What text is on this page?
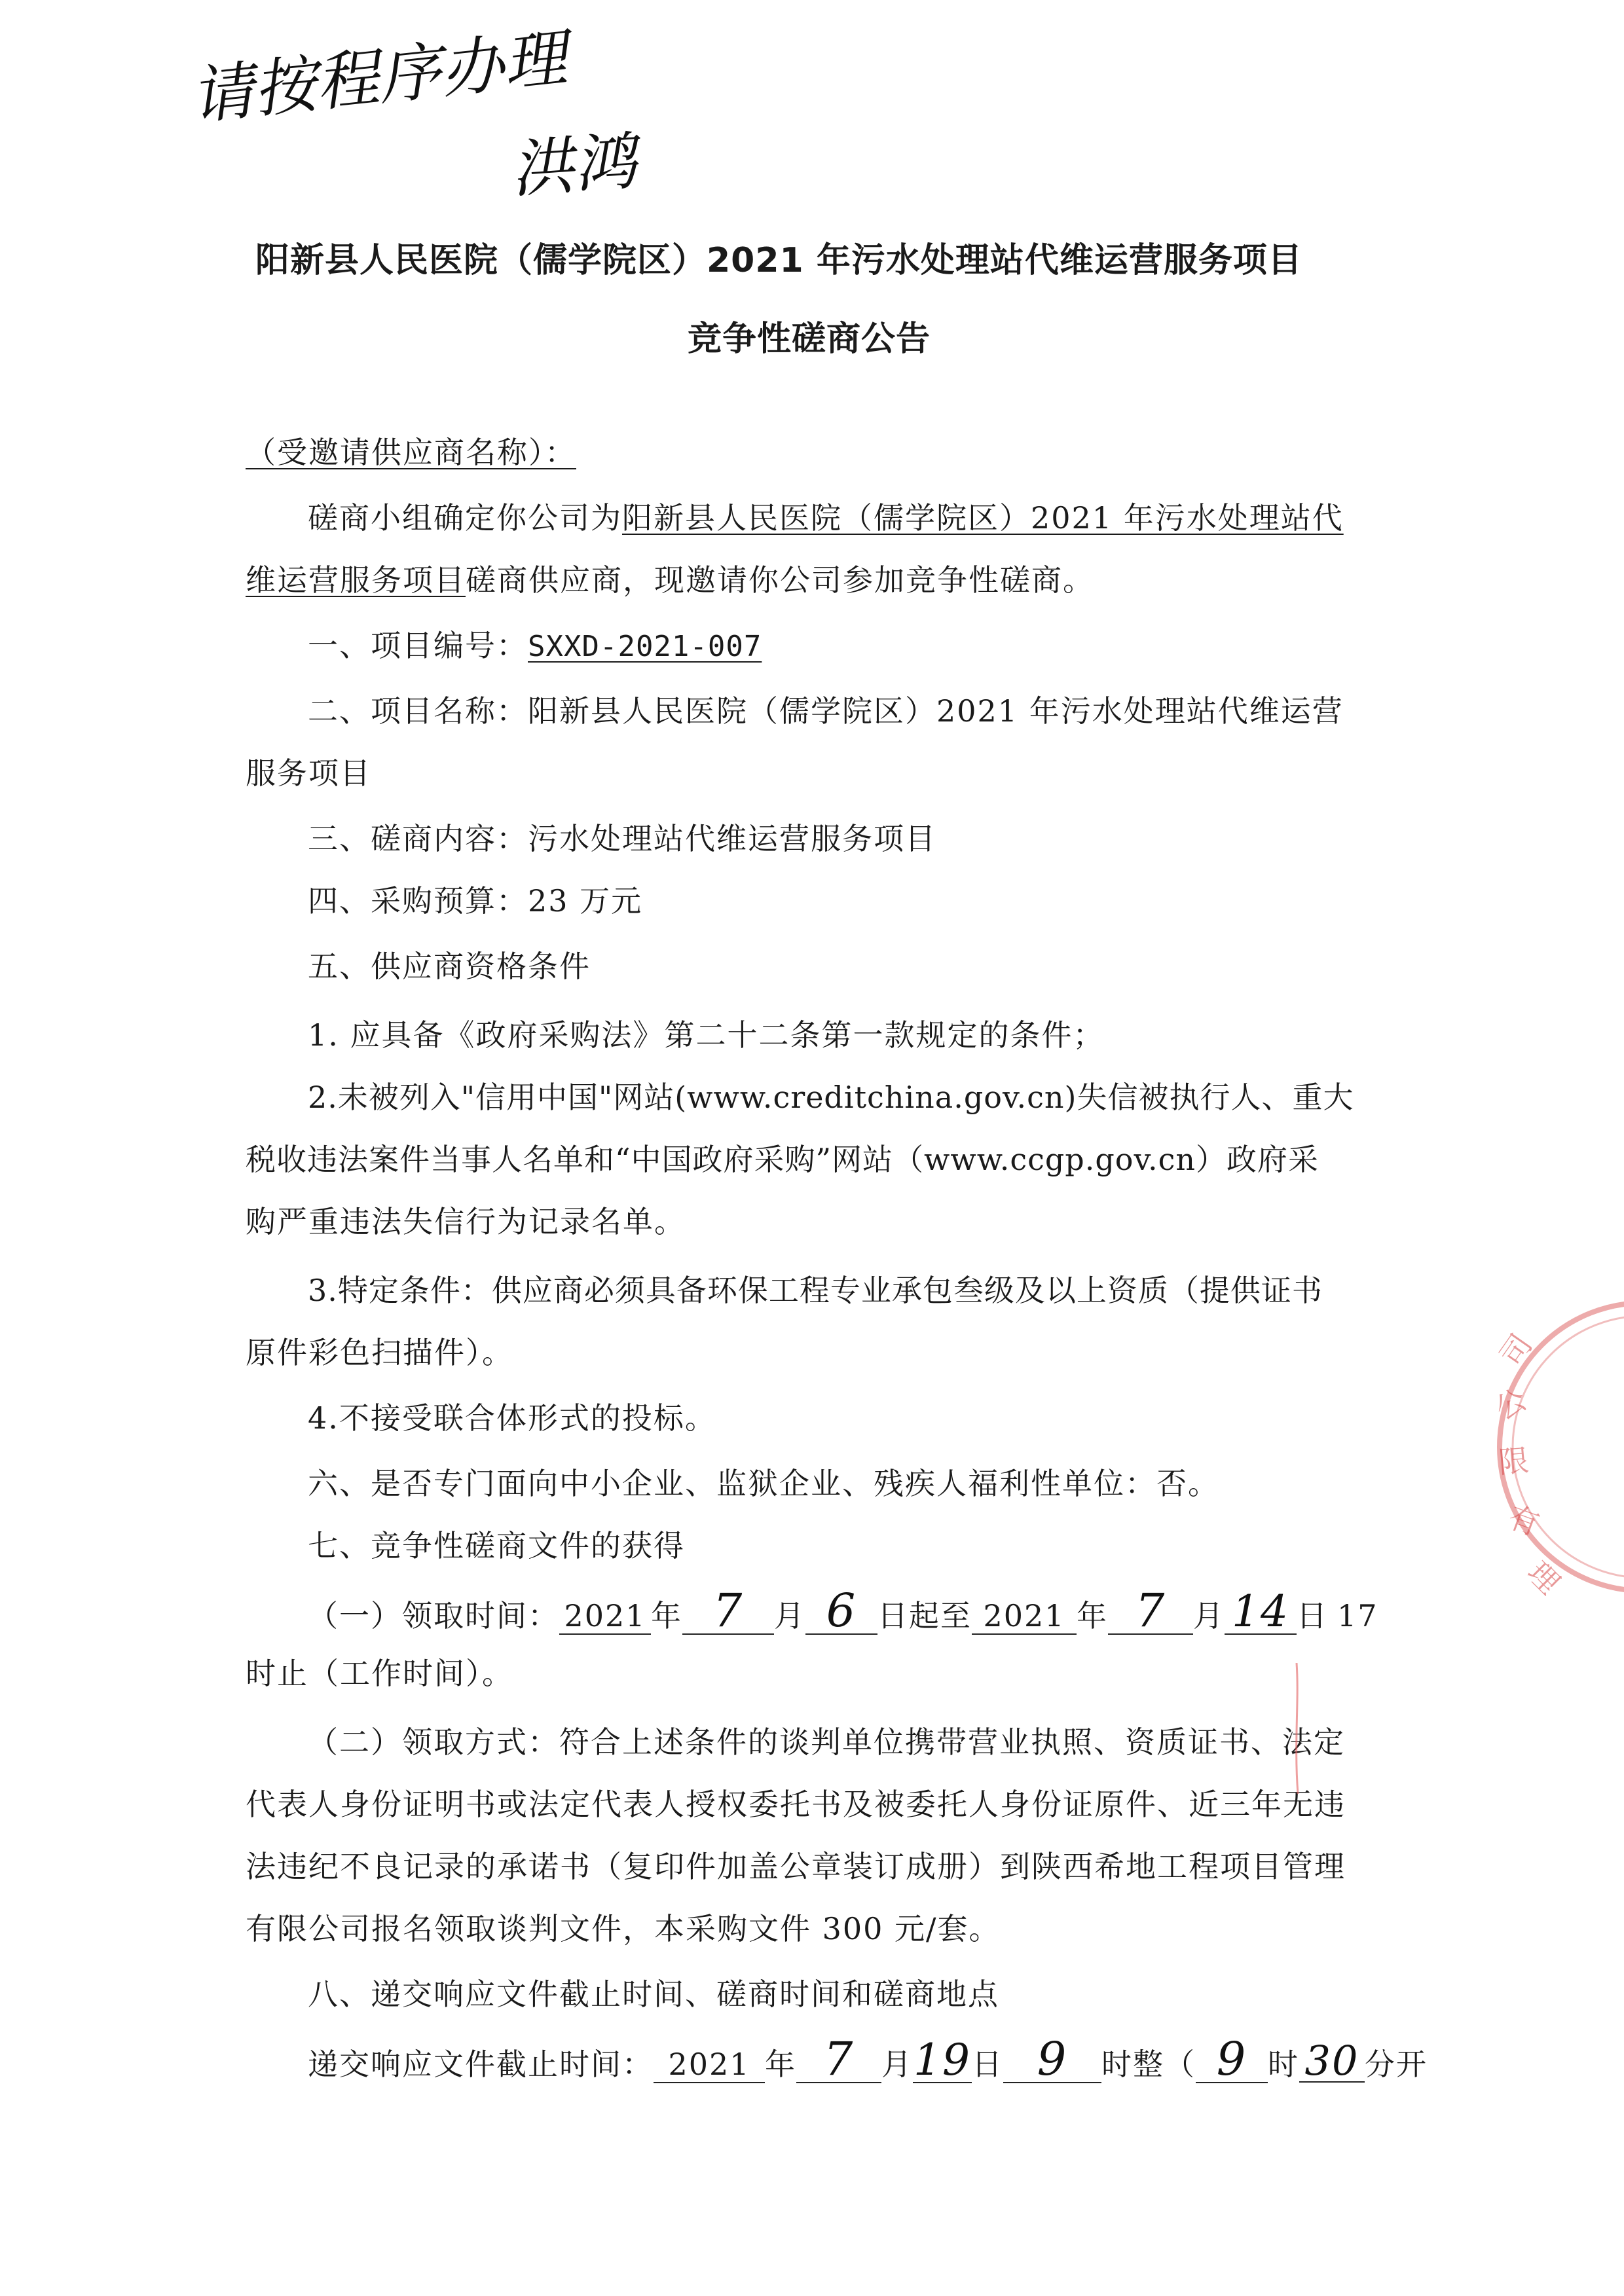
请按程序办理
洪鸿
阳新县人民医院（儒学院区）2021 年污水处理站代维运营服务项目
竞争性磋商公告
（受邀请供应商名称）：
磋商小组确定你公司为阳新县人民医院（儒学院区）2021 年污水处理站代
维运营服务项目磋商供应商，现邀请你公司参加竞争性磋商。
一、项目编号：SXXD-2021-007
二、项目名称：阳新县人民医院（儒学院区）2021 年污水处理站代维运营
服务项目
三、磋商内容：污水处理站代维运营服务项目
四、采购预算：23 万元
五、供应商资格条件
1. 应具备《政府采购法》第二十二条第一款规定的条件；
2.未被列入"信用中国"网站(www.creditchina.gov.cn)失信被执行人、重大
税收违法案件当事人名单和“中国政府采购”网站（www.ccgp.gov.cn）政府采
购严重违法失信行为记录名单。
3.特定条件：供应商必须具备环保工程专业承包叁级及以上资质（提供证书
原件彩色扫描件）。
4.不接受联合体形式的投标。
六、是否专门面向中小企业、监狱企业、残疾人福利性单位：否。
七、竞争性磋商文件的获得
（一）领取时间： 2021 年 7 月 6 日起至 2021 年 7 月 14 日 17
时止（工作时间）。
（二）领取方式：符合上述条件的谈判单位携带营业执照、资质证书、法定
代表人身份证明书或法定代表人授权委托书及被委托人身份证原件、近三年无违
法违纪不良记录的承诺书（复印件加盖公章装订成册）到陕西希地工程项目管理
有限公司报名领取谈判文件，本采购文件 300 元/套。
八、递交响应文件截止时间、磋商时间和磋商地点
递交响应文件截止时间： 2021 年 7 月19日 9 时整（ 9 时 30 分开
司
公
限
有
理
